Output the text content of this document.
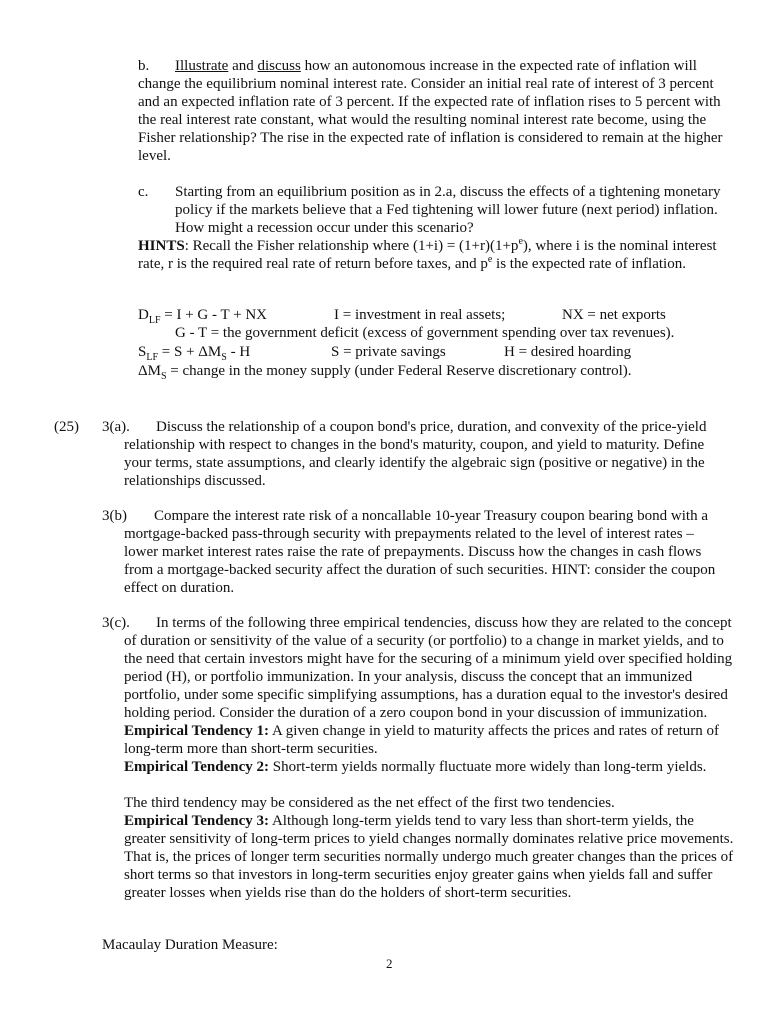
b. Illustrate and discuss how an autonomous increase in the expected rate of inflation will change the equilibrium nominal interest rate. Consider an initial real rate of interest of 3 percent and an expected inflation rate of 3 percent. If the expected rate of inflation rises to 5 percent with the real interest rate constant, what would the resulting nominal interest rate become, using the Fisher relationship? The rise in the expected rate of inflation is considered to remain at the higher level.

c. Starting from an equilibrium position as in 2.a, discuss the effects of a tightening monetary policy if the markets believe that a Fed tightening will lower future (next period) inflation. How might a recession occur under this scenario?

HINTS: Recall the Fisher relationship where $(1+i) = (1+r)(1+p^e)$, where i is the nominal interest rate, r is the required real rate of return before taxes, and $p^e$ is the expected rate of inflation.

$D_{LF} = I + G - T$ + NX	I = investment in real assets;	NX = net exports
G - T = the government deficit (excess of government spending over tax revenues).
$S_{LF} = S + \Delta M_S - H$	S = private savings	H = desired hoarding
$\Delta M_S$ = change in the money supply (under Federal Reserve discretionary control).
(25) 3(a). Discuss the relationship of a coupon bond's price, duration, and convexity of the price-yield relationship with respect to changes in the bond's maturity, coupon, and yield to maturity. Define your terms, state assumptions, and clearly identify the algebraic sign (positive or negative) in the relationships discussed.

3(b) Compare the interest rate risk of a noncallable 10-year Treasury coupon bearing bond with a mortgage-backed pass-through security with prepayments related to the level of interest rates – lower market interest rates raise the rate of prepayments. Discuss how the changes in cash flows from a mortgage-backed security affect the duration of such securities. HINT: consider the coupon effect on duration.

3(c). In terms of the following three empirical tendencies, discuss how they are related to the concept of duration or sensitivity of the value of a security (or portfolio) to a change in market yields, and to the need that certain investors might have for the securing of a minimum yield over specified holding period (H), or portfolio immunization. In your analysis, discuss the concept that an immunized portfolio, under some specific simplifying assumptions, has a duration equal to the investor's desired holding period. Consider the duration of a zero coupon bond in your discussion of immunization.

Empirical Tendency 1: A given change in yield to maturity affects the prices and rates of return of long-term more than short-term securities.

Empirical Tendency 2: Short-term yields normally fluctuate more widely than long-term yields.

The third tendency may be considered as the net effect of the first two tendencies.

Empirical Tendency 3: Although long-term yields tend to vary less than short-term yields, the greater sensitivity of long-term prices to yield changes normally dominates relative price movements. That is, the prices of longer term securities normally undergo much greater changes than the prices of short terms so that investors in long-term securities enjoy greater gains when yields fall and suffer greater losses when yields rise than do the holders of short-term securities.

Macaulay Duration Measure:

2
